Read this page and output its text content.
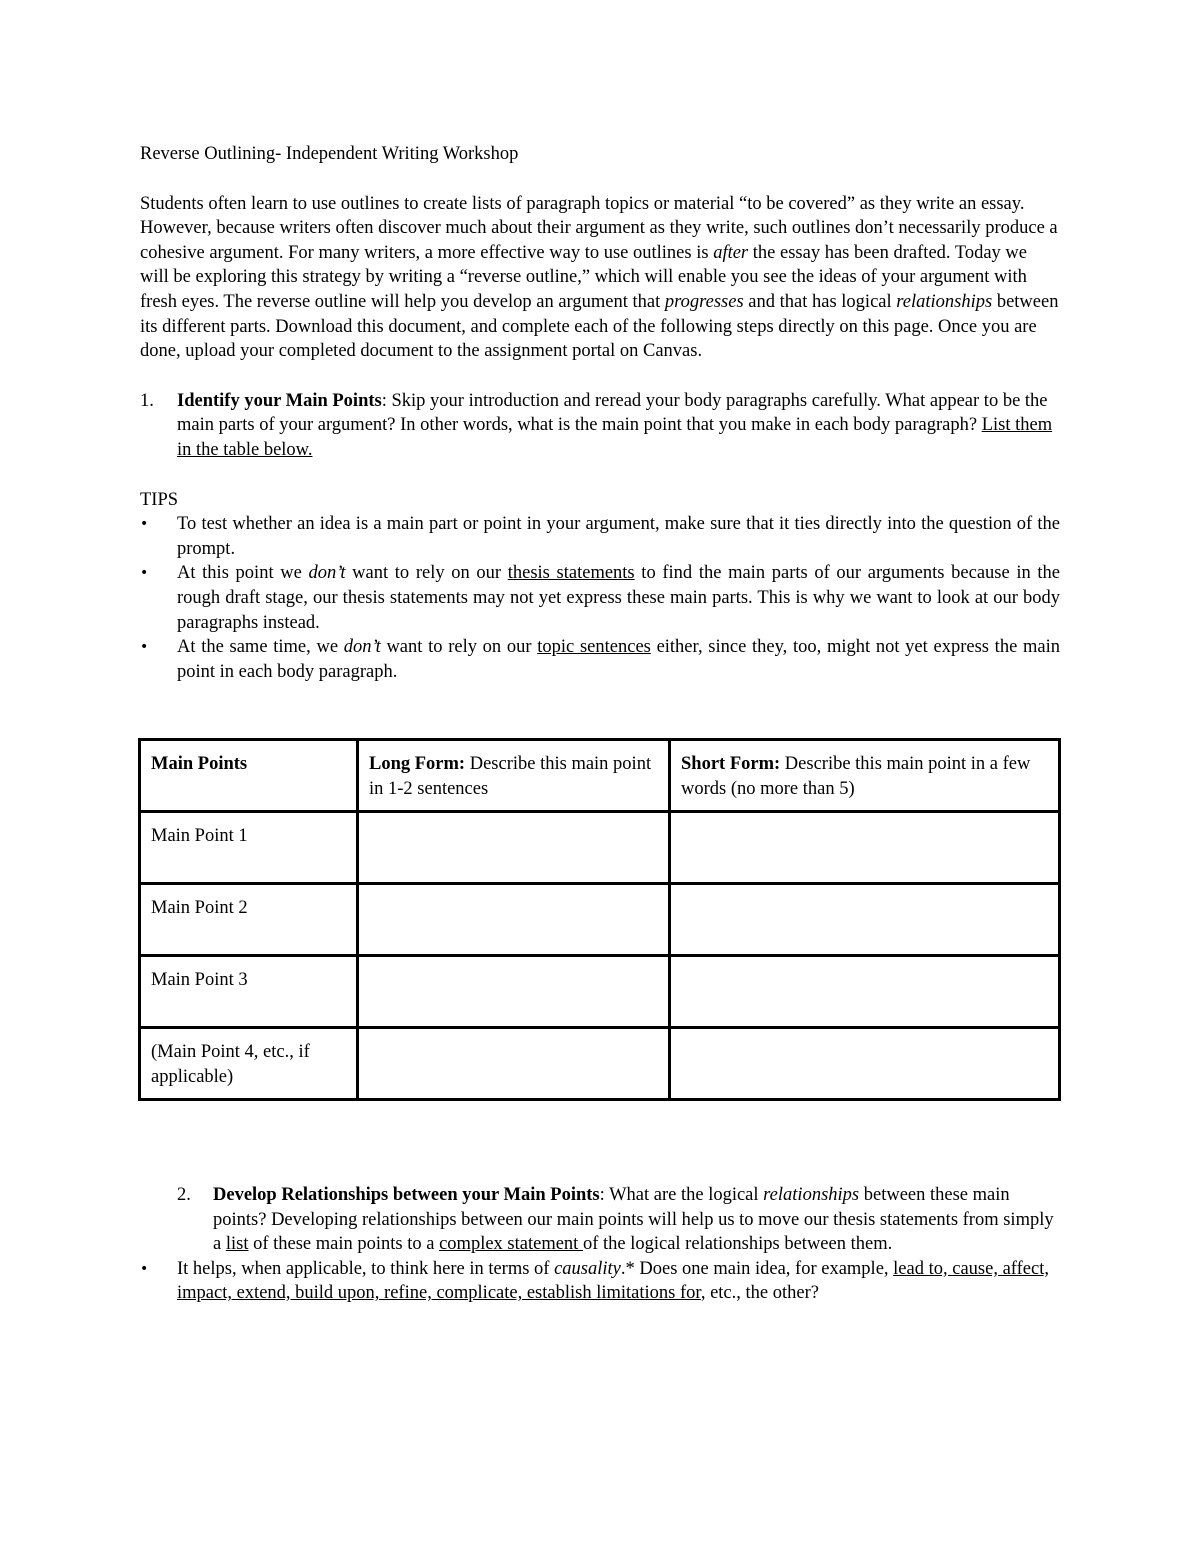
Reverse Outlining- Independent Writing Workshop

Students often learn to use outlines to create lists of paragraph topics or material “to be covered” as they write an essay. However, because writers often discover much about their argument as they write, such outlines don’t necessarily produce a cohesive argument. For many writers, a more effective way to use outlines is after the essay has been drafted. Today we will be exploring this strategy by writing a “reverse outline,” which will enable you see the ideas of your argument with fresh eyes. The reverse outline will help you develop an argument that progresses and that has logical relationships between its different parts. Download this document, and complete each of the following steps directly on this page. Once you are done, upload your completed document to the assignment portal on Canvas.

1. Identify your Main Points: Skip your introduction and reread your body paragraphs carefully. What appear to be the main parts of your argument? In other words, what is the main point that you make in each body paragraph? List them in the table below.

TIPS

• To test whether an idea is a main part or point in your argument, make sure that it ties directly into the question of the prompt.
• At this point we don’t want to rely on our thesis statements to find the main parts of our arguments because in the rough draft stage, our thesis statements may not yet express these main parts. This is why we want to look at our body paragraphs instead.
• At the same time, we don’t want to rely on our topic sentences either, since they, too, might not yet express the main point in each body paragraph.
Main Points	Long Form: Describe this main point in 1-2 sentences	Short Form: Describe this main point in a few words (no more than 5)
Main Point 1		
Main Point 2		
Main Point 3		
(Main Point 4, etc., if applicable)		
2. Develop Relationships between your Main Points: What are the logical relationships between these main points? Developing relationships between our main points will help us to move our thesis statements from simply a list of these main points to a complex statement of the logical relationships between them.

• It helps, when applicable, to think here in terms of causality.* Does one main idea, for example, lead to, cause, affect, impact, extend, build upon, refine, complicate, establish limitations for, etc., the other?
